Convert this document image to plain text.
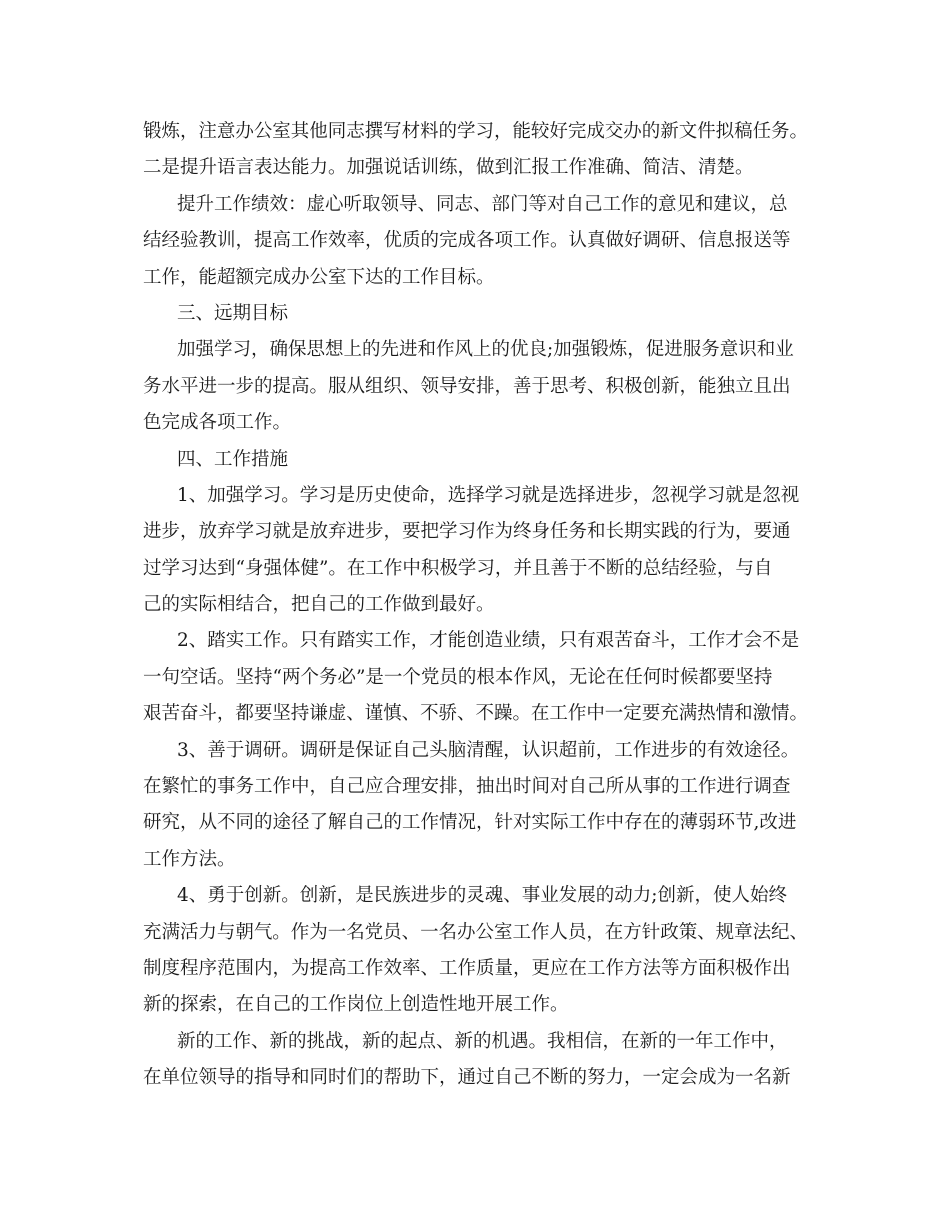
锻炼，注意办公室其他同志撰写材料的学习，能较好完成交办的新文件拟稿任务。
二是提升语言表达能力。加强说话训练，做到汇报工作准确、简洁、清楚。
提升工作绩效：虚心听取领导、同志、部门等对自己工作的意见和建议，总
结经验教训，提高工作效率，优质的完成各项工作。认真做好调研、信息报送等
工作，能超额完成办公室下达的工作目标。
三、远期目标
加强学习，确保思想上的先进和作风上的优良;加强锻炼，促进服务意识和业
务水平进一步的提高。服从组织、领导安排，善于思考、积极创新，能独立且出
色完成各项工作。
四、工作措施
1、加强学习。学习是历史使命，选择学习就是选择进步，忽视学习就是忽视
进步，放弃学习就是放弃进步，要把学习作为终身任务和长期实践的行为，要通
过学习达到“身强体健”。在工作中积极学习，并且善于不断的总结经验，与自
己的实际相结合，把自己的工作做到最好。
2、踏实工作。只有踏实工作，才能创造业绩，只有艰苦奋斗，工作才会不是
一句空话。坚持“两个务必”是一个党员的根本作风，无论在任何时候都要坚持
艰苦奋斗，都要坚持谦虚、谨慎、不骄、不躁。在工作中一定要充满热情和激情。
3、善于调研。调研是保证自己头脑清醒，认识超前，工作进步的有效途径。
在繁忙的事务工作中，自己应合理安排，抽出时间对自己所从事的工作进行调查
研究，从不同的途径了解自己的工作情况，针对实际工作中存在的薄弱环节,改进
工作方法。
4、勇于创新。创新，是民族进步的灵魂、事业发展的动力;创新，使人始终
充满活力与朝气。作为一名党员、一名办公室工作人员，在方针政策、规章法纪、
制度程序范围内，为提高工作效率、工作质量，更应在工作方法等方面积极作出
新的探索，在自己的工作岗位上创造性地开展工作。
新的工作、新的挑战，新的起点、新的机遇。我相信，在新的一年工作中，
在单位领导的指导和同时们的帮助下，通过自己不断的努力，一定会成为一名新
